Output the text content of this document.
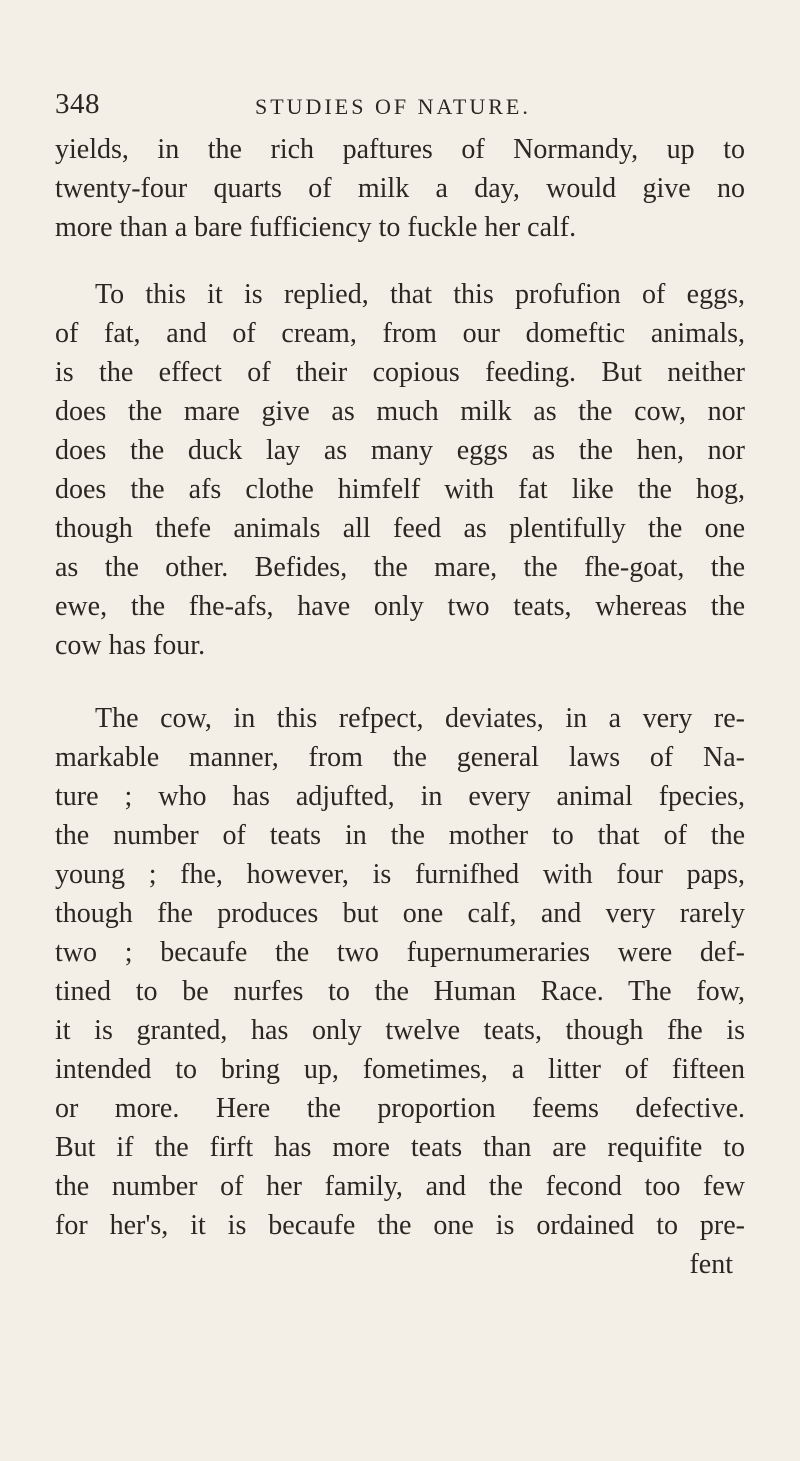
348	STUDIES OF NATURE.
yields, in the rich paftures of Normandy, up to
twenty-four quarts of milk a day, would give no
more than a bare fufficiency to fuckle her calf.
To this it is replied, that this profufion of eggs,
of fat, and of cream, from our domeftic animals,
is the effect of their copious feeding. But neither
does the mare give as much milk as the cow, nor
does the duck lay as many eggs as the hen, nor
does the afs clothe himfelf with fat like the hog,
though thefe animals all feed as plentifully the one
as the other. Befides, the mare, the fhe-goat, the
ewe, the fhe-afs, have only two teats, whereas the
cow has four.
The cow, in this refpect, deviates, in a very re-
markable manner, from the general laws of Na-
ture ; who has adjufted, in every animal fpecies,
the number of teats in the mother to that of the
young ; fhe, however, is furnifhed with four paps,
though fhe produces but one calf, and very rarely
two ; becaufe the two fupernumeraries were def-
tined to be nurfes to the Human Race. The fow,
it is granted, has only twelve teats, though fhe is
intended to bring up, fometimes, a litter of fifteen
or more. Here the proportion feems defective.
But if the firft has more teats than are requifite to
the number of her family, and the fecond too few
for her's, it is becaufe the one is ordained to pre-
fent
